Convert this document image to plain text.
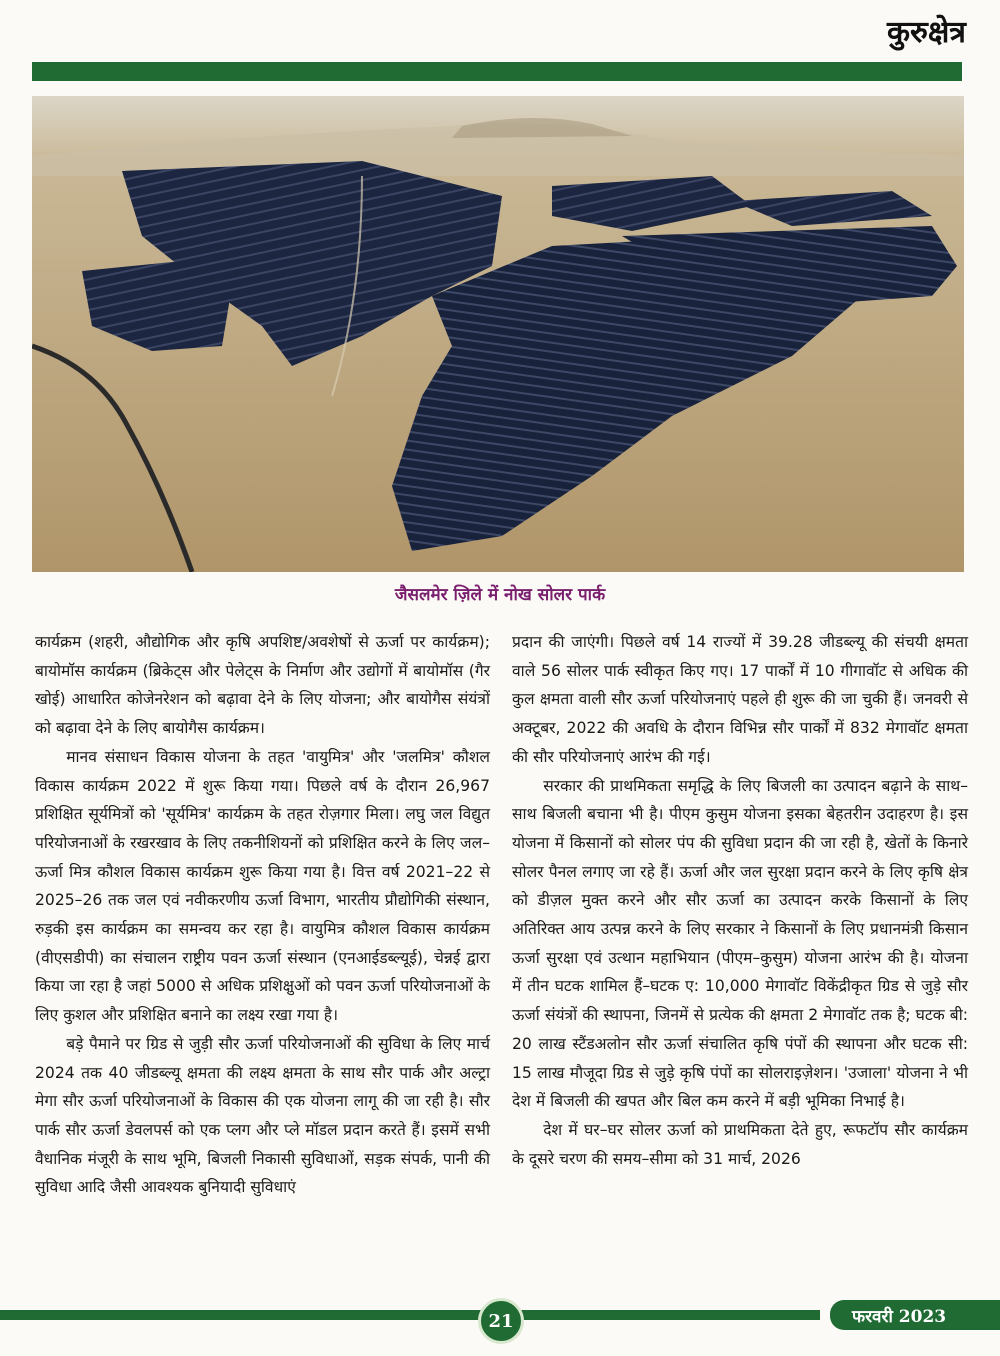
कुरुक्षेत्र
जैसलमेर ज़िले में नोख सोलर पार्क

कार्यक्रम (शहरी, औद्योगिक और कृषि अपशिष्ट/अवशेषों से ऊर्जा पर कार्यक्रम); बायोमॉस कार्यक्रम (ब्रिकेट्स और पेलेट्स के निर्माण और उद्योगों में बायोमॉस (गैर खोई) आधारित कोजेनरेशन को बढ़ावा देने के लिए योजना; और बायोगैस संयंत्रों को बढ़ावा देने के लिए बायोगैस कार्यक्रम।

मानव संसाधन विकास योजना के तहत 'वायुमित्र' और 'जलमित्र' कौशल विकास कार्यक्रम 2022 में शुरू किया गया। पिछले वर्ष के दौरान 26,967 प्रशिक्षित सूर्यमित्रों को 'सूर्यमित्र' कार्यक्रम के तहत रोज़गार मिला। लघु जल विद्युत परियोजनाओं के रखरखाव के लिए तकनीशियनों को प्रशिक्षित करने के लिए जल–ऊर्जा मित्र कौशल विकास कार्यक्रम शुरू किया गया है। वित्त वर्ष 2021–22 से 2025–26 तक जल एवं नवीकरणीय ऊर्जा विभाग, भारतीय प्रौद्योगिकी संस्थान, रुड़की इस कार्यक्रम का समन्वय कर रहा है। वायुमित्र कौशल विकास कार्यक्रम (वीएसडीपी) का संचालन राष्ट्रीय पवन ऊर्जा संस्थान (एनआईडब्ल्यूई), चेन्नई द्वारा किया जा रहा है जहां 5000 से अधिक प्रशिक्षुओं को पवन ऊर्जा परियोजनाओं के लिए कुशल और प्रशिक्षित बनाने का लक्ष्य रखा गया है।

बड़े पैमाने पर ग्रिड से जुड़ी सौर ऊर्जा परियोजनाओं की सुविधा के लिए मार्च 2024 तक 40 जीडब्ल्यू क्षमता की लक्ष्य क्षमता के साथ सौर पार्क और अल्ट्रा मेगा सौर ऊर्जा परियोजनाओं के विकास की एक योजना लागू की जा रही है। सौर पार्क सौर ऊर्जा डेवलपर्स को एक प्लग और प्ले मॉडल प्रदान करते हैं। इसमें सभी वैधानिक मंजूरी के साथ भूमि, बिजली निकासी सुविधाओं, सड़क संपर्क, पानी की सुविधा आदि जैसी आवश्यक बुनियादी सुविधाएं

प्रदान की जाएंगी। पिछले वर्ष 14 राज्यों में 39.28 जीडब्ल्यू की संचयी क्षमता वाले 56 सोलर पार्क स्वीकृत किए गए। 17 पार्कों में 10 गीगावॉट से अधिक की कुल क्षमता वाली सौर ऊर्जा परियोजनाएं पहले ही शुरू की जा चुकी हैं। जनवरी से अक्टूबर, 2022 की अवधि के दौरान विभिन्न सौर पार्कों में 832 मेगावॉट क्षमता की सौर परियोजनाएं आरंभ की गई।

सरकार की प्राथमिकता समृद्धि के लिए बिजली का उत्पादन बढ़ाने के साथ–साथ बिजली बचाना भी है। पीएम कुसुम योजना इसका बेहतरीन उदाहरण है। इस योजना में किसानों को सोलर पंप की सुविधा प्रदान की जा रही है, खेतों के किनारे सोलर पैनल लगाए जा रहे हैं। ऊर्जा और जल सुरक्षा प्रदान करने के लिए कृषि क्षेत्र को डीज़ल मुक्त करने और सौर ऊर्जा का उत्पादन करके किसानों के लिए अतिरिक्त आय उत्पन्न करने के लिए सरकार ने किसानों के लिए प्रधानमंत्री किसान ऊर्जा सुरक्षा एवं उत्थान महाभियान (पीएम–कुसुम) योजना आरंभ की है। योजना में तीन घटक शामिल हैं–घटक ए: 10,000 मेगावॉट विकेंद्रीकृत ग्रिड से जुड़े सौर ऊर्जा संयंत्रों की स्थापना, जिनमें से प्रत्येक की क्षमता 2 मेगावॉट तक है; घटक बी: 20 लाख स्टैंडअलोन सौर ऊर्जा संचालित कृषि पंपों की स्थापना और घटक सी: 15 लाख मौजूदा ग्रिड से जुड़े कृषि पंपों का सोलराइज़ेशन। 'उजाला' योजना ने भी देश में बिजली की खपत और बिल कम करने में बड़ी भूमिका निभाई है।

देश में घर–घर सोलर ऊर्जा को प्राथमिकता देते हुए, रूफटॉप सौर कार्यक्रम के दूसरे चरण की समय–सीमा को 31 मार्च, 2026

21	फरवरी 2023
